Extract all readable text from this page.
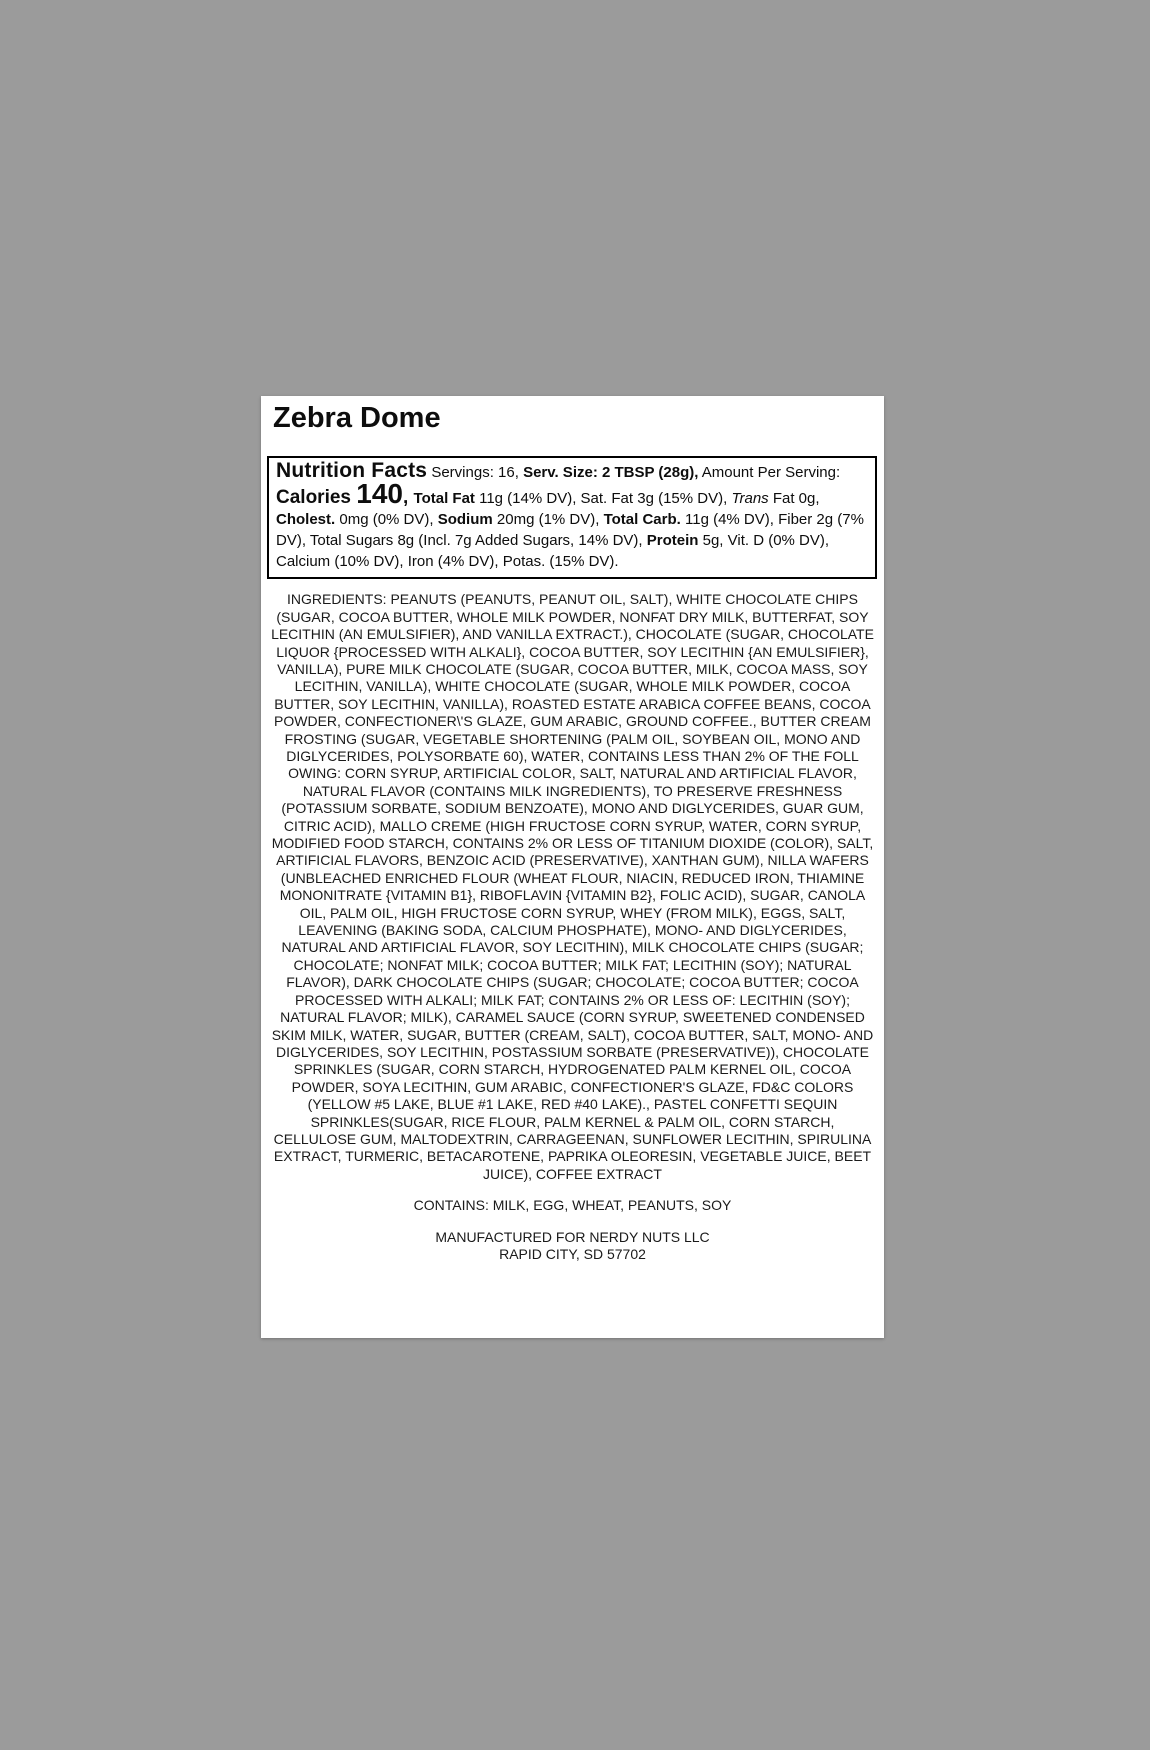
Zebra Dome

Nutrition Facts Servings: 16, Serv. Size: 2 TBSP (28g), Amount Per Serving: Calories 140, Total Fat 11g (14% DV), Sat. Fat 3g (15% DV), Trans Fat 0g, Cholest. 0mg (0% DV), Sodium 20mg (1% DV), Total Carb. 11g (4% DV), Fiber 2g (7% DV), Total Sugars 8g (Incl. 7g Added Sugars, 14% DV), Protein 5g, Vit. D (0% DV), Calcium (10% DV), Iron (4% DV), Potas. (15% DV).

INGREDIENTS: PEANUTS (PEANUTS, PEANUT OIL, SALT), WHITE CHOCOLATE CHIPS (SUGAR, COCOA BUTTER, WHOLE MILK POWDER, NONFAT DRY MILK, BUTTERFAT, SOY LECITHIN (AN EMULSIFIER), AND VANILLA EXTRACT.), CHOCOLATE (SUGAR, CHOCOLATE LIQUOR {PROCESSED WITH ALKALI}, COCOA BUTTER, SOY LECITHIN {AN EMULSIFIER}, VANILLA), PURE MILK CHOCOLATE (SUGAR, COCOA BUTTER, MILK, COCOA MASS, SOY LECITHIN, VANILLA), WHITE CHOCOLATE (SUGAR, WHOLE MILK POWDER, COCOA BUTTER, SOY LECITHIN, VANILLA), ROASTED ESTATE ARABICA COFFEE BEANS, COCOA POWDER, CONFECTIONER\'S GLAZE, GUM ARABIC, GROUND COFFEE., BUTTER CREAM FROSTING (SUGAR, VEGETABLE SHORTENING (PALM OIL, SOYBEAN OIL, MONO AND DIGLYCERIDES, POLYSORBATE 60), WATER, CONTAINS LESS THAN 2% OF THE FOLL OWING: CORN SYRUP, ARTIFICIAL COLOR, SALT, NATURAL AND ARTIFICIAL FLAVOR, NATURAL FLAVOR (CONTAINS MILK INGREDIENTS), TO PRESERVE FRESHNESS (POTASSIUM SORBATE, SODIUM BENZOATE), MONO AND DIGLYCERIDES, GUAR GUM, CITRIC ACID), MALLO CREME (HIGH FRUCTOSE CORN SYRUP, WATER, CORN SYRUP, MODIFIED FOOD STARCH, CONTAINS 2% OR LESS OF TITANIUM DIOXIDE (COLOR), SALT, ARTIFICIAL FLAVORS, BENZOIC ACID (PRESERVATIVE), XANTHAN GUM), NILLA WAFERS (UNBLEACHED ENRICHED FLOUR (WHEAT FLOUR, NIACIN, REDUCED IRON, THIAMINE MONONITRATE {VITAMIN B1}, RIBOFLAVIN {VITAMIN B2}, FOLIC ACID), SUGAR, CANOLA OIL, PALM OIL, HIGH FRUCTOSE CORN SYRUP, WHEY (FROM MILK), EGGS, SALT, LEAVENING (BAKING SODA, CALCIUM PHOSPHATE), MONO- AND DIGLYCERIDES, NATURAL AND ARTIFICIAL FLAVOR, SOY LECITHIN), MILK CHOCOLATE CHIPS (SUGAR; CHOCOLATE; NONFAT MILK; COCOA BUTTER; MILK FAT; LECITHIN (SOY); NATURAL FLAVOR), DARK CHOCOLATE CHIPS (SUGAR; CHOCOLATE; COCOA BUTTER; COCOA PROCESSED WITH ALKALI; MILK FAT; CONTAINS 2% OR LESS OF: LECITHIN (SOY); NATURAL FLAVOR; MILK), CARAMEL SAUCE (CORN SYRUP, SWEETENED CONDENSED SKIM MILK, WATER, SUGAR, BUTTER (CREAM, SALT), COCOA BUTTER, SALT, MONO- AND DIGLYCERIDES, SOY LECITHIN, POSTASSIUM SORBATE (PRESERVATIVE)), CHOCOLATE SPRINKLES (SUGAR, CORN STARCH, HYDROGENATED PALM KERNEL OIL, COCOA POWDER, SOYA LECITHIN, GUM ARABIC, CONFECTIONER'S GLAZE, FD&C COLORS (YELLOW #5 LAKE, BLUE #1 LAKE, RED #40 LAKE)., PASTEL CONFETTI SEQUIN SPRINKLES(SUGAR, RICE FLOUR, PALM KERNEL & PALM OIL, CORN STARCH, CELLULOSE GUM, MALTODEXTRIN, CARRAGEENAN, SUNFLOWER LECITHIN, SPIRULINA EXTRACT, TURMERIC, BETACAROTENE, PAPRIKA OLEORESIN, VEGETABLE JUICE, BEET JUICE), COFFEE EXTRACT
CONTAINS: MILK, EGG, WHEAT, PEANUTS, SOY
MANUFACTURED FOR NERDY NUTS LLC
RAPID CITY, SD 57702
